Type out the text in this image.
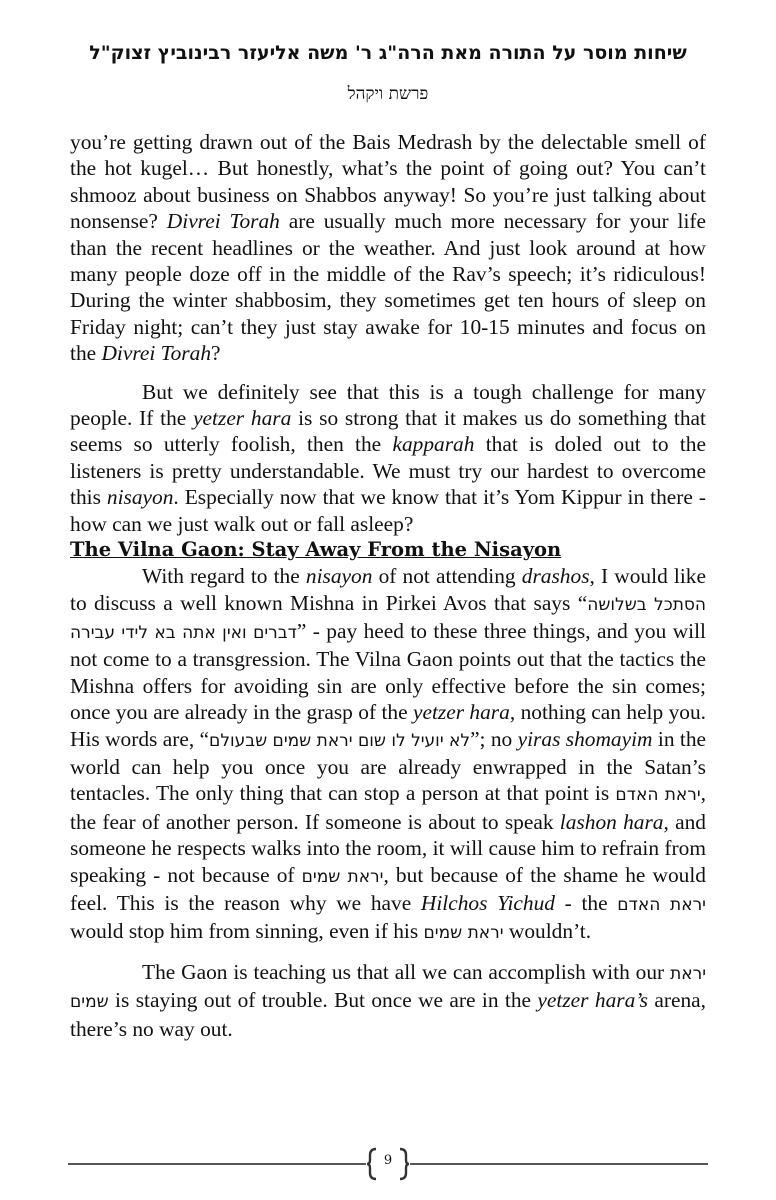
שיחות מוסר על התורה מאת הרה"ג ר' משה אליעזר רבינוביץ זצוק"ל
פרשת ויקהל

you’re getting drawn out of the Bais Medrash by the delectable smell of the hot kugel… But honestly, what’s the point of going out? You can’t shmooz about business on Shabbos anyway! So you’re just talking about nonsense? Divrei Torah are usually much more necessary for your life than the recent headlines or the weather. And just look around at how many people doze off in the middle of the Rav’s speech; it’s ridiculous! During the winter shabbosim, they sometimes get ten hours of sleep on Friday night; can’t they just stay awake for 10-15 minutes and focus on the Divrei Torah?

But we definitely see that this is a tough challenge for many people. If the yetzer hara is so strong that it makes us do something that seems so utterly foolish, then the kapparah that is doled out to the listeners is pretty understandable. We must try our hardest to overcome this nisayon. Especially now that we know that it’s Yom Kippur in there - how can we just walk out or fall asleep?

The Vilna Gaon: Stay Away From the Nisayon

With regard to the nisayon of not attending drashos, I would like to discuss a well known Mishna in Pirkei Avos that says “הסתכל בשלושה דברים ואין אתה בא לידי עבירה” - pay heed to these three things, and you will not come to a transgression. The Vilna Gaon points out that the tactics the Mishna offers for avoiding sin are only effective before the sin comes; once you are already in the grasp of the yetzer hara, nothing can help you. His words are, “לא יועיל לו שום יראת שמים שבעולם”; no yiras shomayim in the world can help you once you are already enwrapped in the Satan’s tentacles. The only thing that can stop a person at that point is יראת האדם, the fear of another person. If someone is about to speak lashon hara, and someone he respects walks into the room, it will cause him to refrain from speaking - not because of יראת שמים, but because of the shame he would feel. This is the reason why we have Hilchos Yichud - the יראת האדם would stop him from sinning, even if his יראת שמים wouldn’t.

The Gaon is teaching us that all we can accomplish with our יראת שמים is staying out of trouble. But once we are in the yetzer hara’s arena, there’s no way out.

9
